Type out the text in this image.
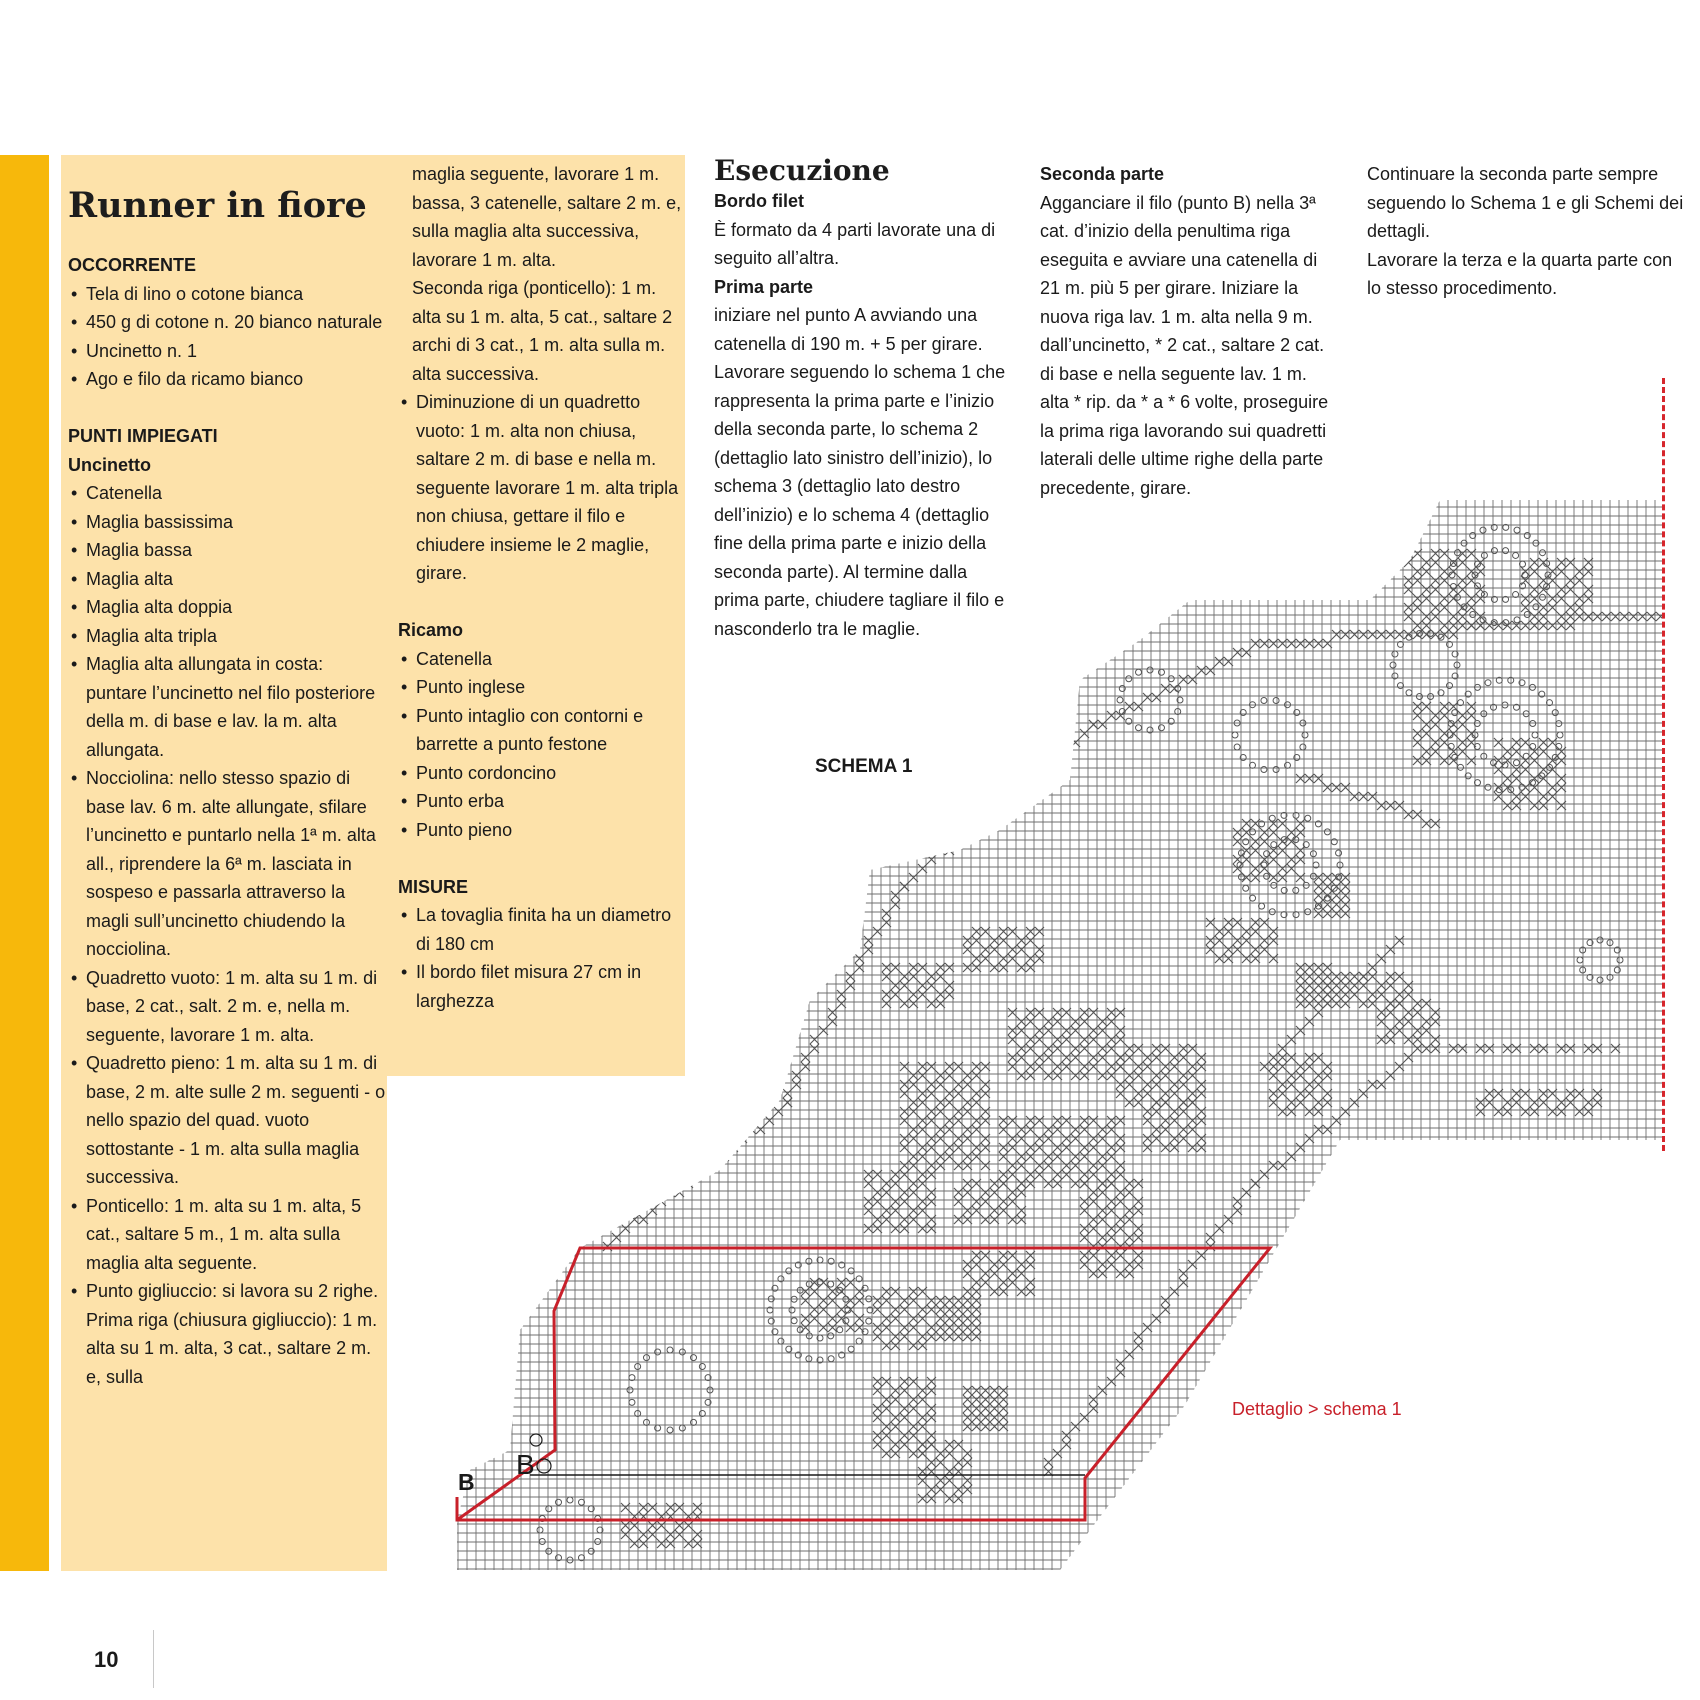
Runner in fiore

OCCORRENTE

• Tela di lino o cotone bianca
• 450 g di cotone n. 20 bianco naturale
• Uncinetto n. 1
• Ago e filo da ricamo bianco

PUNTI IMPIEGATI

Uncinetto

• Catenella
• Maglia bassissima
• Maglia bassa
• Maglia alta
• Maglia alta doppia
• Maglia alta tripla
• Maglia alta allungata in costa: puntare l’uncinetto nel filo posteriore della m. di base e lav. la m. alta allungata.
• Nocciolina: nello stesso spazio di base lav. 6 m. alte allungate, sfilare l’uncinetto e puntarlo nella 1ª m. alta all., riprendere la 6ª m. lasciata in sospeso e passarla attraverso la magli sull’uncinetto chiudendo la nocciolina.
• Quadretto vuoto: 1 m. alta su 1 m. di base, 2 cat., salt. 2 m. e, nella m. seguente, lavorare 1 m. alta.
• Quadretto pieno: 1 m. alta su 1 m. di base, 2 m. alte sulle 2 m. seguenti - o nello spazio del quad. vuoto sottostante - 1 m. alta sulla maglia successiva.
• Ponticello: 1 m. alta su 1 m. alta, 5 cat., saltare 5 m., 1 m. alta sulla maglia alta seguente.
• Punto gigliuccio: si lavora su 2 righe. Prima riga (chiusura gigliuccio): 1 m. alta su 1 m. alta, 3 cat., saltare 2 m. e, sulla

maglia seguente, lavorare 1 m. bassa, 3 catenelle, saltare 2 m. e, sulla maglia alta successiva, lavorare 1 m. alta.

Seconda riga (ponticello): 1 m. alta su 1 m. alta, 5 cat., saltare 2 archi di 3 cat., 1 m. alta sulla m. alta successiva.

• Diminuzione di un quadretto vuoto: 1 m. alta non chiusa, saltare 2 m. di base e nella m. seguente lavorare 1 m. alta tripla non chiusa, gettare il filo e chiudere insieme le 2 maglie, girare.

Ricamo

• Catenella
• Punto inglese
• Punto intaglio con contorni e barrette a punto festone
• Punto cordoncino
• Punto erba
• Punto pieno

MISURE

• La tovaglia finita ha un diametro di 180 cm
• Il bordo filet misura 27 cm in larghezza
Esecuzione

Bordo filet

È formato da 4 parti lavorate una di seguito all’altra.

Prima parte

iniziare nel punto A avviando una catenella di 190 m. + 5 per girare. Lavorare seguendo lo schema 1 che rappresenta la prima parte e l’inizio della seconda parte, lo schema 2 (dettaglio lato sinistro dell’inizio), lo schema 3 (dettaglio lato destro dell’inizio) e lo schema 4 (dettaglio fine della prima parte e inizio della seconda parte). Al termine dalla prima parte, chiudere tagliare il filo e nasconderlo tra le maglie.

Seconda parte

Agganciare il filo (punto B) nella 3ª cat. d’inizio della penultima riga eseguita e avviare una catenella di 21 m. più 5 per girare. Iniziare la nuova riga lav. 1 m. alta nella 9 m. dall’uncinetto, * 2 cat., saltare 2 cat. di base e nella seguente lav. 1 m. alta * rip. da * a * 6 volte, proseguire la prima riga lavorando sui quadretti laterali delle ultime righe della parte precedente, girare.

Continuare la seconda parte sempre seguendo lo Schema 1 e gli Schemi dei dettagli.

Lavorare la terza e la quarta parte con lo stesso procedimento.

SCHEMA 1
Dettaglio > schema 1
B
B
10
